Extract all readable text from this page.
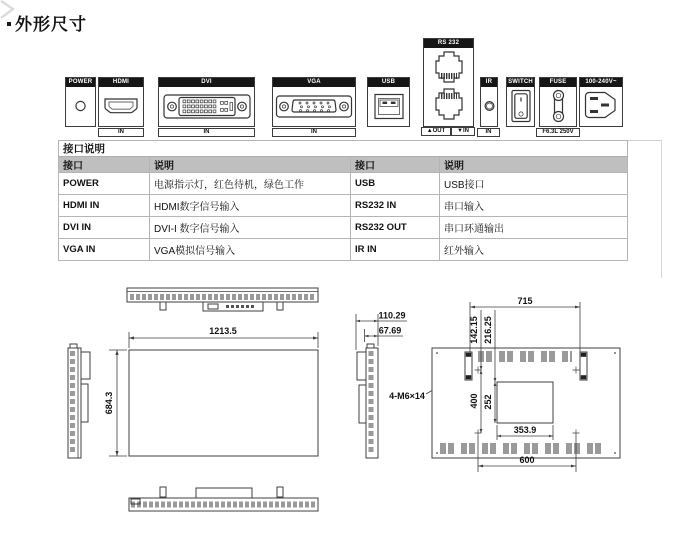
外形尺寸
POWER	HDMI
IN
DVI
IN
VGA
IN
USB
RS 232
▲OUT	▼IN
IR
IN
SWITCH	FUSE
F6.3L 250V
100-240V~
接口说明			
接口	说明	接口	说明
POWER	电源指示灯，红色待机，绿色工作	USB	USB接口
HDMI IN	HDMI数字信号输入	RS232 IN	串口输入
DVI IN	DVI-I 数字信号输入	RS232 OUT	串口环通输出
VGA IN	VGA模拟信号输入	IR IN	红外输入
1213.5
684.3
110.29
67.69
4-M6×14
715
142.15 216.25
400 252
353.9
600
